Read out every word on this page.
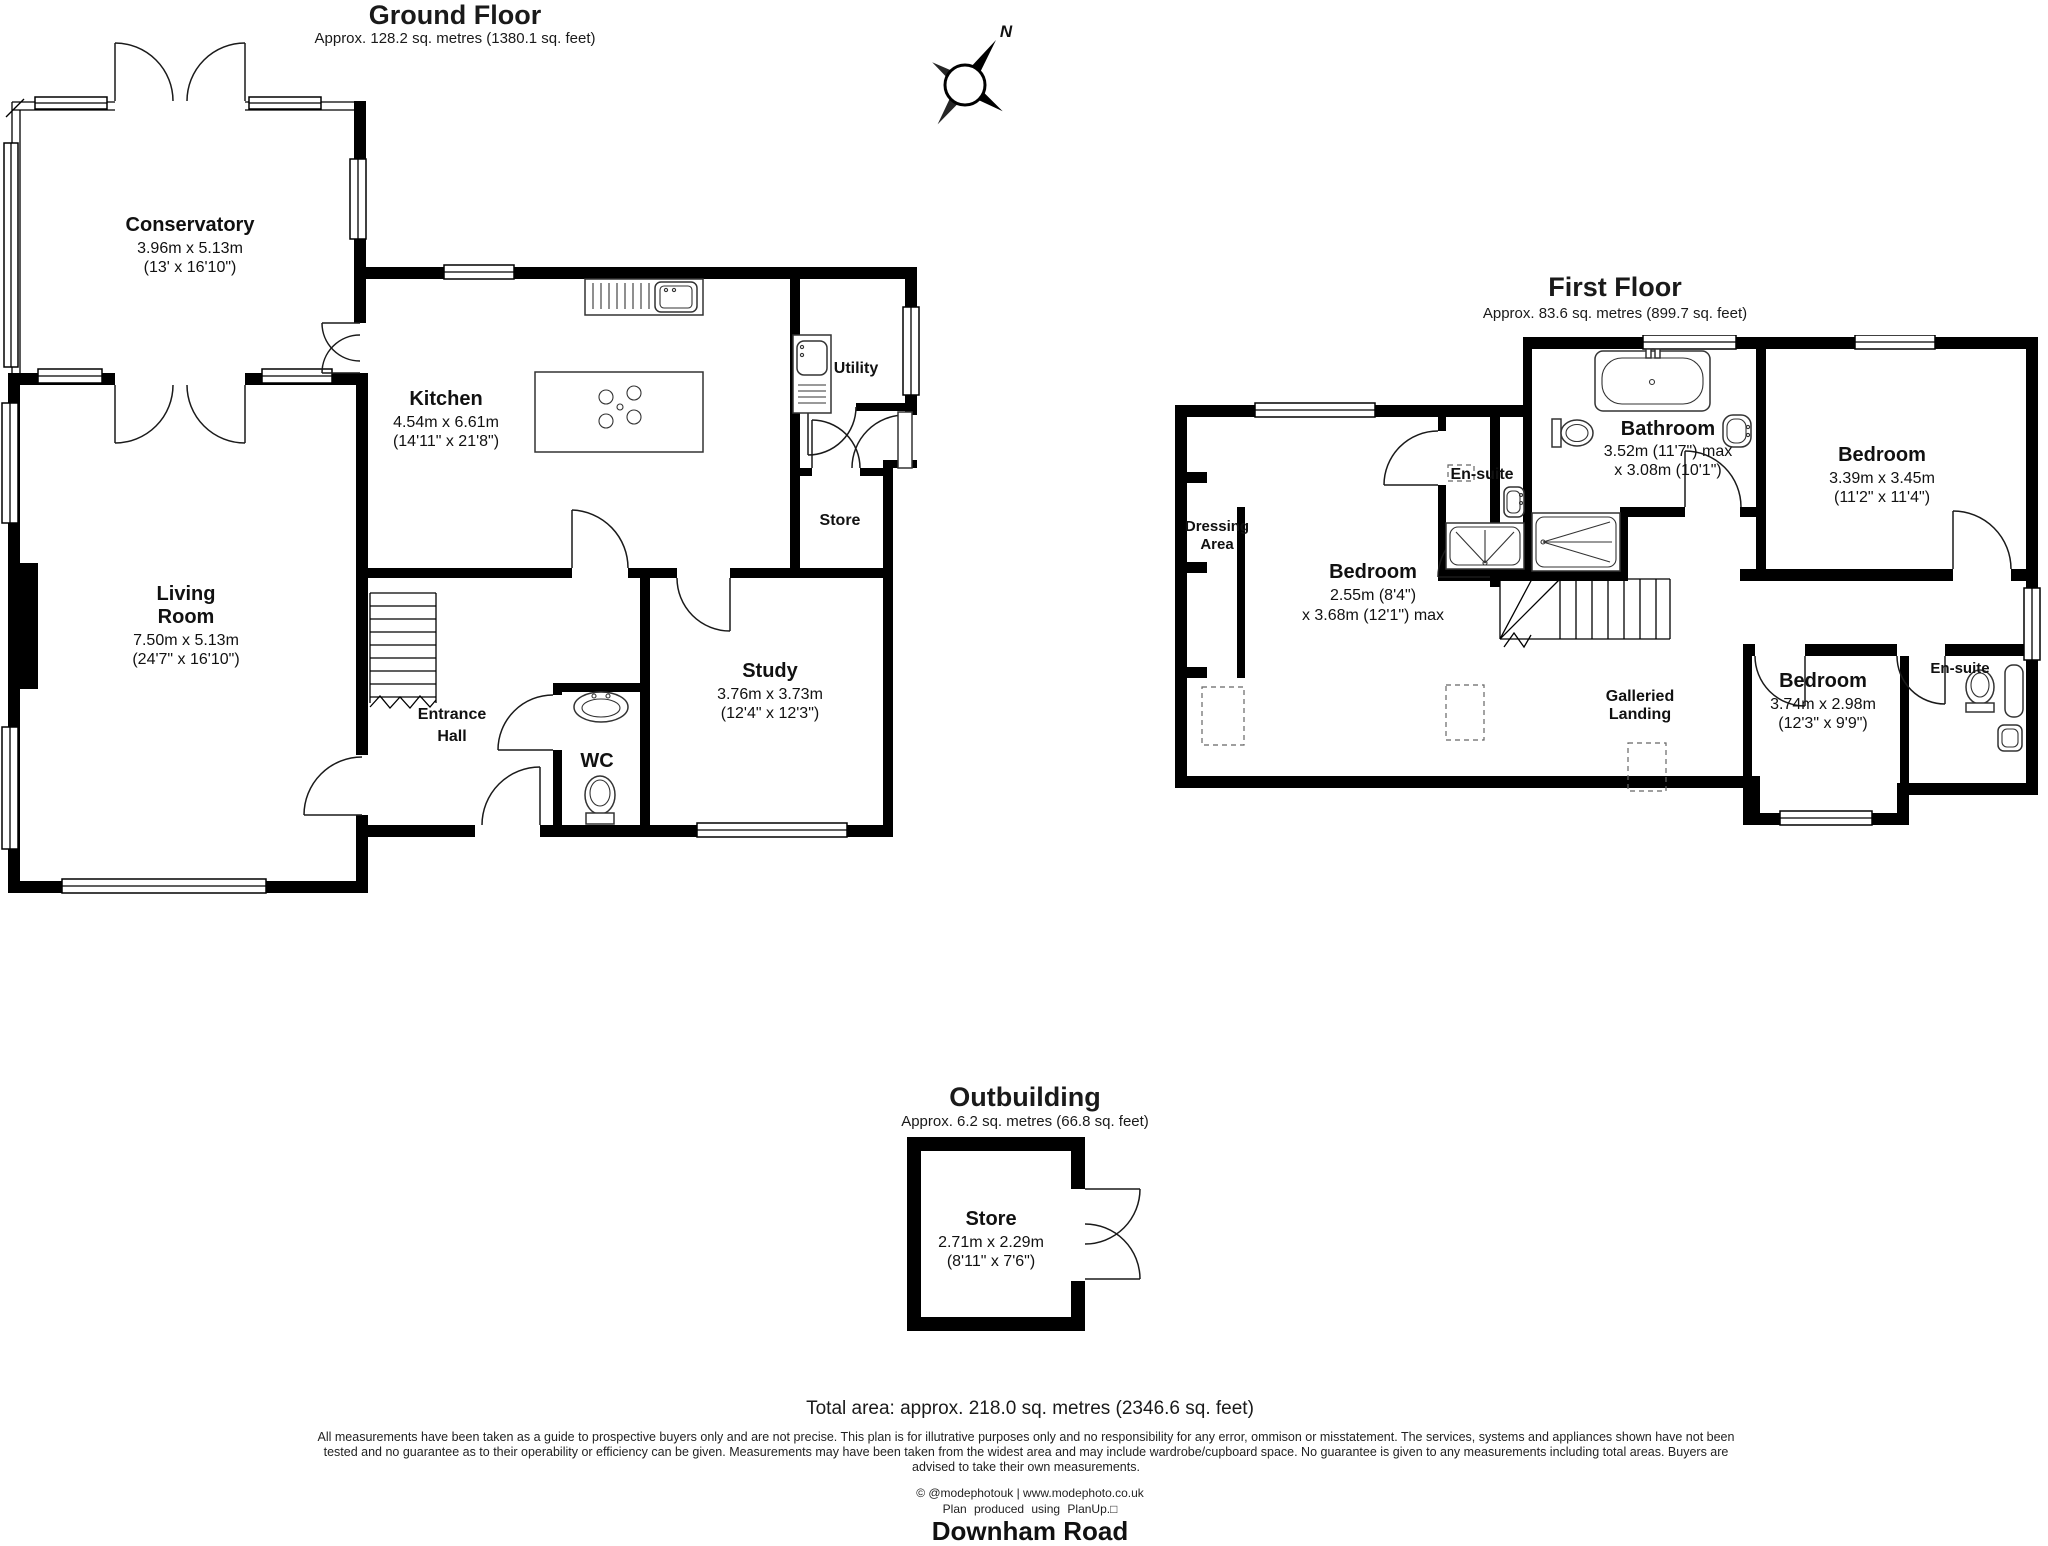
Ground Floor
Approx. 128.2 sq. metres (1380.1 sq. feet)
First Floor
Approx. 83.6 sq. metres (899.7 sq. feet)
Outbuilding
Approx. 6.2 sq. metres (66.8 sq. feet)
N
Conservatory
3.96m x 5.13m
(13' x 16'10")
Kitchen
4.54m x 6.61m
(14'11" x 21'8")
Living
Room
7.50m x 5.13m
(24'7" x 16'10")
Utility
Store
Entrance
Hall
WC
Study
3.76m x 3.73m
(12'4" x 12'3")
Dressing
Area
Bedroom
2.55m (8'4")
x 3.68m (12'1") max
En-suite
Bathroom
3.52m (11'7") max
x 3.08m (10'1")
Bedroom
3.39m x 3.45m
(11'2" x 11'4")
Galleried
Landing
Bedroom
3.74m x 2.98m
(12'3" x 9'9")
En-suite
Store
2.71m x 2.29m
(8'11" x 7'6")
Total area: approx. 218.0 sq. metres (2346.6 sq. feet)
All measurements have been taken as a guide to prospective buyers only and are not precise. This plan is for illutrative purposes only and no responsibility for any error, ommison or misstatement. The services, systems and appliances shown have not been
tested and no guarantee as to their operability or efficiency can be given. Measurements may have been taken from the widest area and may include wardrobe/cupboard space. No guarantee is given to any measurements including total areas. Buyers are
advised to take their own measurements.
© @modephotouk | www.modephoto.co.uk
Plan produced using PlanUp.□
Downham Road
